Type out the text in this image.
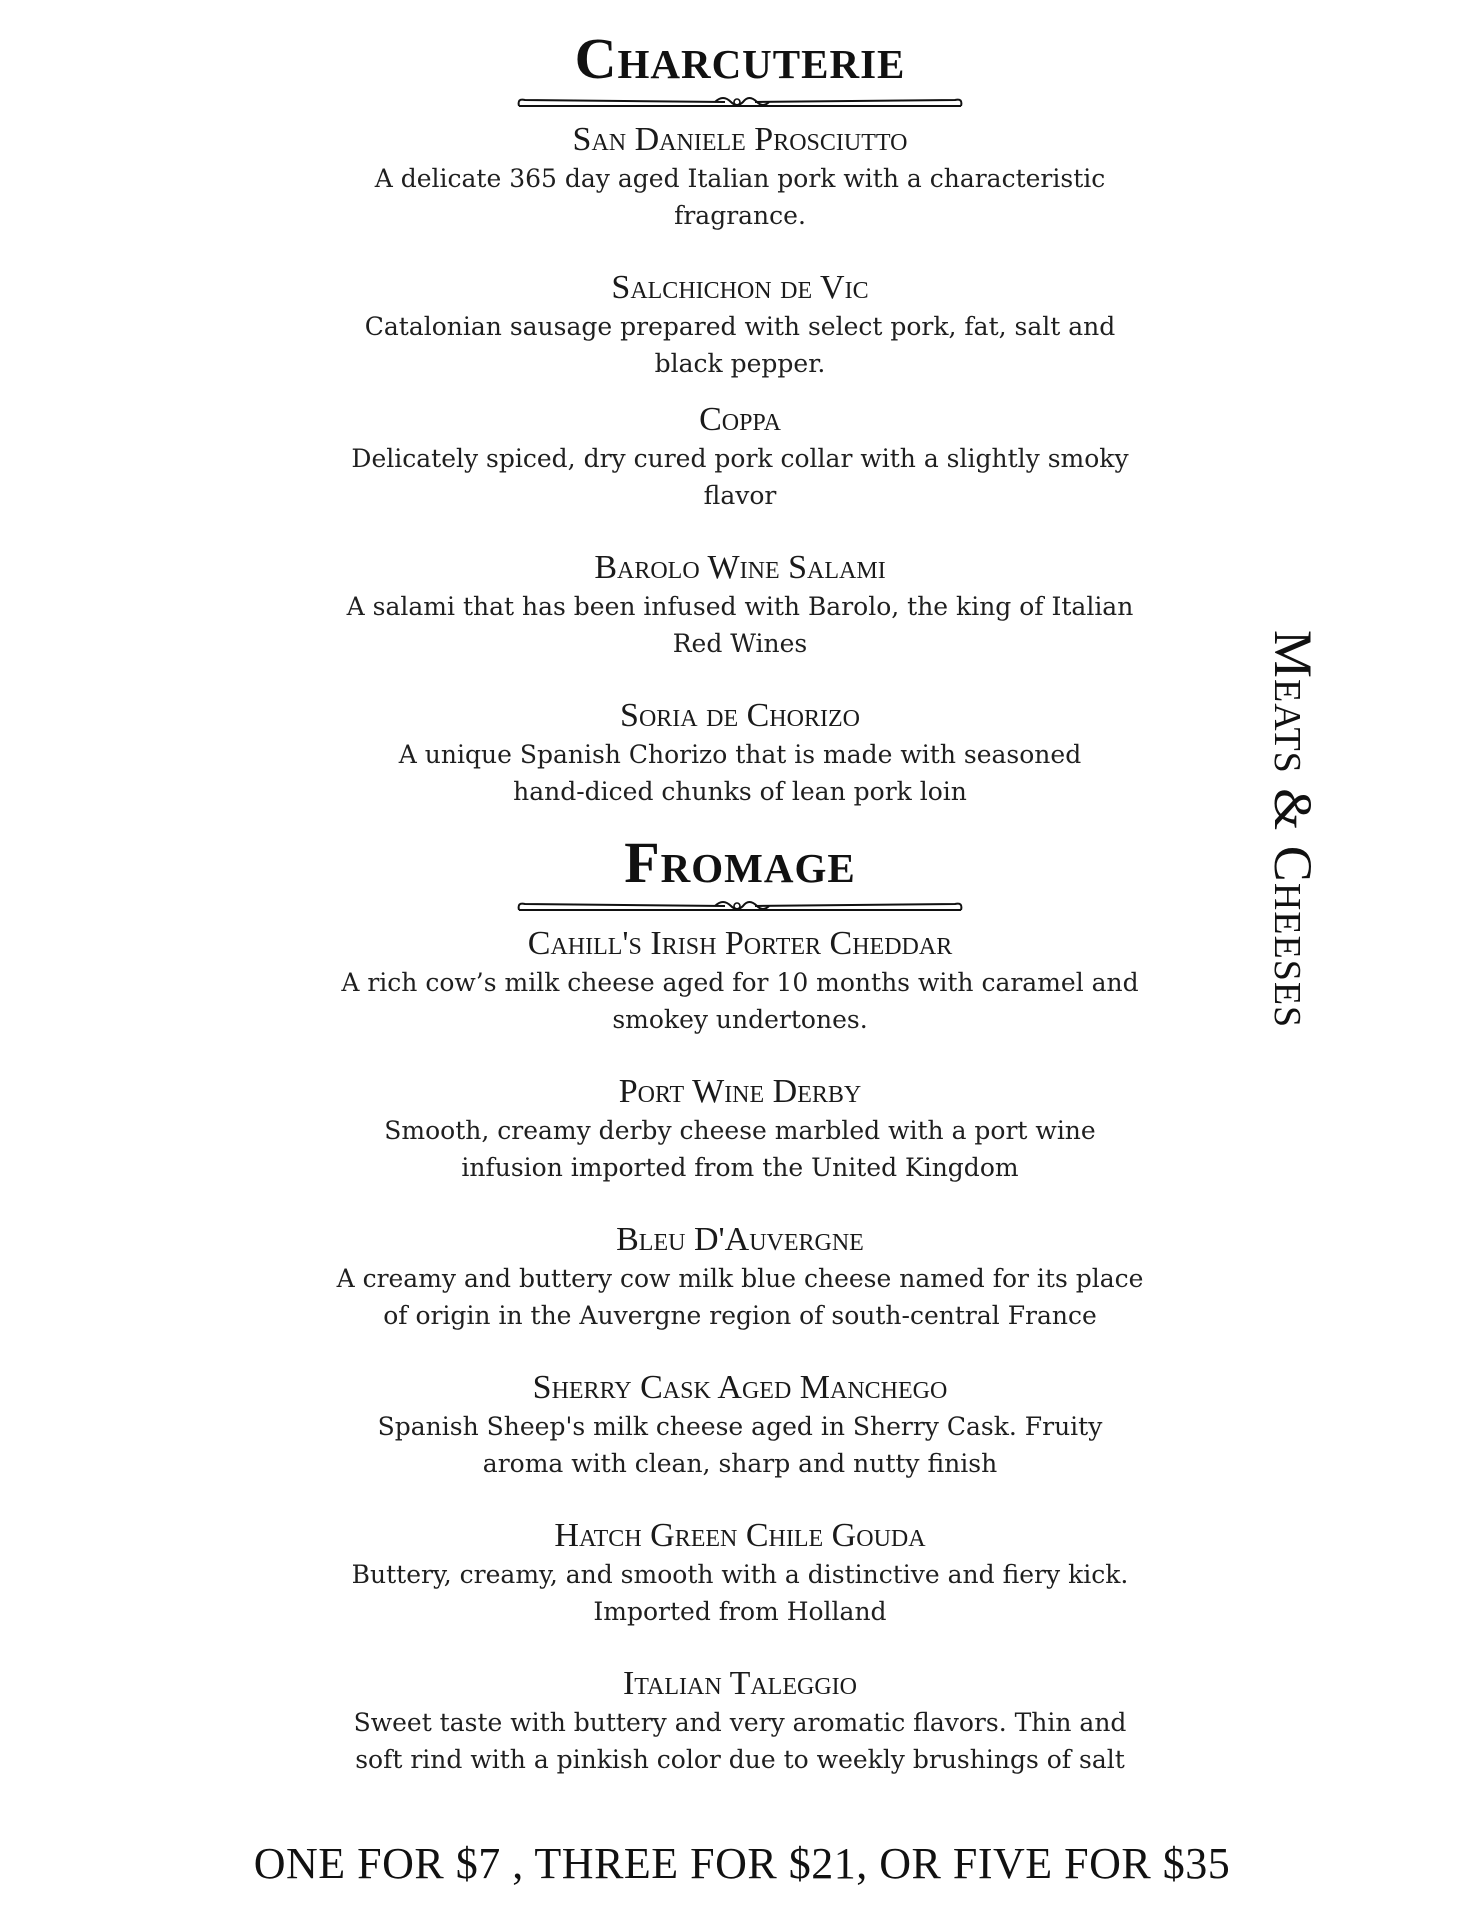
Charcuterie

San Daniele Prosciutto

A delicate 365 day aged Italian pork with a characteristic

fragrance.

Salchichon de Vic

Catalonian sausage prepared with select pork, fat, salt and

black pepper.

Coppa

Delicately spiced, dry cured pork collar with a slightly smoky

flavor

Barolo Wine Salami

A salami that has been infused with Barolo, the king of Italian

Red Wines

Soria de Chorizo

A unique Spanish Chorizo that is made with seasoned

hand-diced chunks of lean pork loin

Fromage

Cahill's Irish Porter Cheddar

A rich cow’s milk cheese aged for 10 months with caramel and

smokey undertones.

Port Wine Derby

Smooth, creamy derby cheese marbled with a port wine

infusion imported from the United Kingdom

Bleu D'Auvergne

A creamy and buttery cow milk blue cheese named for its place

of origin in the Auvergne region of south-central France

Sherry Cask Aged Manchego

Spanish Sheep's milk cheese aged in Sherry Cask. Fruity

aroma with clean, sharp and nutty finish

Hatch Green Chile Gouda

Buttery, creamy, and smooth with a distinctive and fiery kick.

Imported from Holland

Italian Taleggio

Sweet taste with buttery and very aromatic flavors. Thin and

soft rind with a pinkish color due to weekly brushings of salt

Meats & Cheeses
ONE FOR $7 , THREE FOR $21, OR FIVE FOR $35
